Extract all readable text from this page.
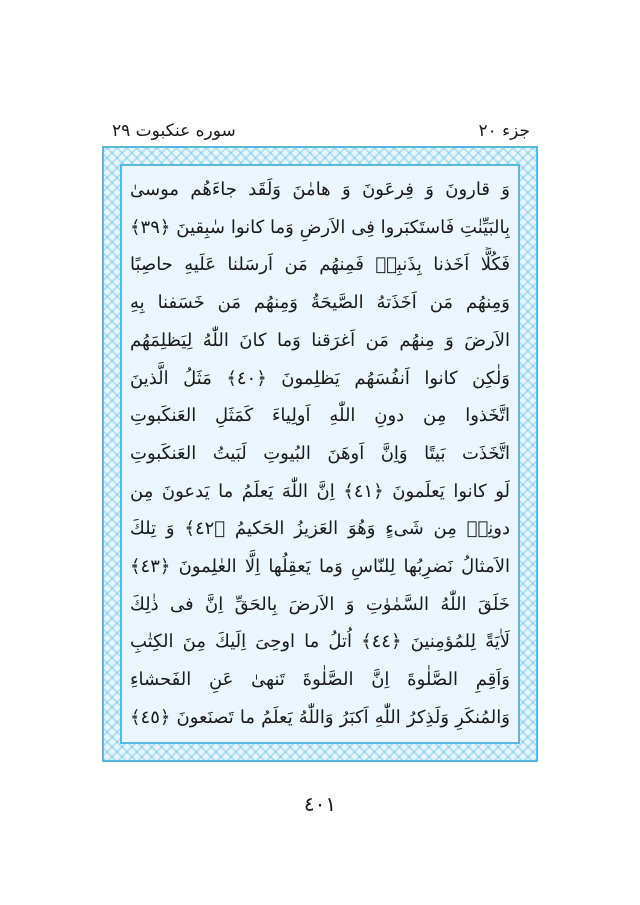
جزء ٢٠
سوره عنکبوت ٢٩
وَ قارونَ وَ فِرعَونَ وَ هامٰنَ وَلَقَد جاءَهُم موسىٰ
بِالبَيِّنٰتِ فَاستَكبَروا فِى الاَرضِ وَما كانوا سٰبِقينَ ﴿٣٩﴾
فَكُلًّا اَخَذنا بِذَنبِهٖ فَمِنهُم مَن اَرسَلنا عَلَيهِ حاصِبًا
وَمِنهُم مَن اَخَذَتهُ الصَّيحَةُ وَمِنهُم مَن خَسَفنا بِهِ
الاَرضَ وَ مِنهُم مَن اَغرَقنا وَما كانَ اللّٰهُ لِيَظلِمَهُم
وَلٰكِن كانوا اَنفُسَهُم يَظلِمونَ ﴿٤٠﴾ مَثَلُ الَّذينَ
اتَّخَذوا مِن دونِ اللّٰهِ اَولِياءَ كَمَثَلِ العَنكَبوتِ
اتَّخَذَت بَيتًا وَاِنَّ اَوهَنَ البُيوتِ لَبَيتُ العَنكَبوتِ
لَو كانوا يَعلَمونَ ﴿٤١﴾ اِنَّ اللّٰهَ يَعلَمُ ما يَدعونَ مِن
دونِهٖ مِن شَىءٍ وَهُوَ العَزيزُ الحَكيمُ ﴿٤٢﴾ وَ تِلكَ
الاَمثالُ نَضرِبُها لِلنّاسِ وَما يَعقِلُها اِلَّا العٰلِمونَ ﴿٤٣﴾
خَلَقَ اللّٰهُ السَّمٰوٰتِ وَ الاَرضَ بِالحَقِّ اِنَّ فى ذٰلِكَ
لَاٰيَةً لِلمُؤمِنينَ ﴿٤٤﴾ اُتلُ ما اوحِىَ اِلَيكَ مِنَ الكِتٰبِ
وَاَقِمِ الصَّلٰوةَ اِنَّ الصَّلٰوةَ تَنهىٰ عَنِ الفَحشاءِ
وَالمُنكَرِ وَلَذِكرُ اللّٰهِ اَكبَرُ وَاللّٰهُ يَعلَمُ ما تَصنَعونَ ﴿٤٥﴾
٤٠١
